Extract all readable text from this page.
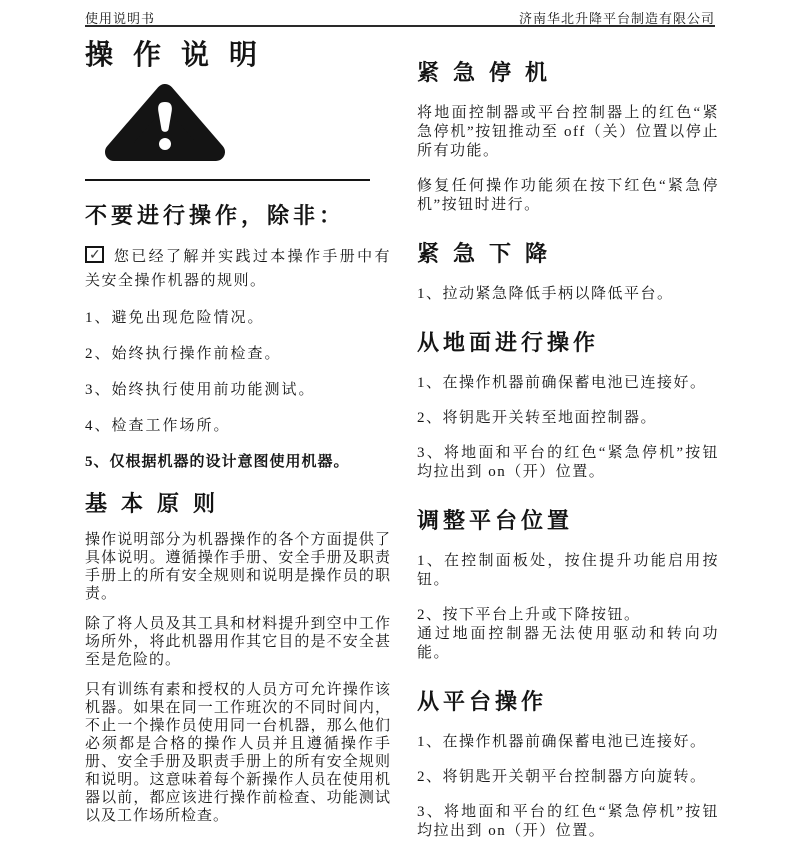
使用说明书	济南华北升降平台制造有限公司
操作说明
不要进行操作，除非：

✓ 您已经了解并实践过本操作手册中有关安全操作机器的规则。

1、避免出现危险情况。

2、始终执行操作前检查。

3、始终执行使用前功能测试。

4、检查工作场所。

5、仅根据机器的设计意图使用机器。

基本原则

操作说明部分为机器操作的各个方面提供了具体说明。遵循操作手册、安全手册及职责手册上的所有安全规则和说明是操作员的职责。

除了将人员及其工具和材料提升到空中工作场所外，将此机器用作其它目的是不安全甚至是危险的。

只有训练有素和授权的人员方可允许操作该机器。如果在同一工作班次的不同时间内，不止一个操作员使用同一台机器，那么他们必须都是合格的操作人员并且遵循操作手册、安全手册及职责手册上的所有安全规则和说明。这意味着每个新操作人员在使用机器以前，都应该进行操作前检查、功能测试以及工作场所检查。

紧急停机

将地面控制器或平台控制器上的红色“紧急停机”按钮推动至 off（关）位置以停止所有功能。

修复任何操作功能须在按下红色“紧急停机”按钮时进行。

紧急下降

1、拉动紧急降低手柄以降低平台。

从地面进行操作

1、在操作机器前确保蓄电池已连接好。

2、将钥匙开关转至地面控制器。

3、将地面和平台的红色“紧急停机”按钮均拉出到 on（开）位置。

调整平台位置

1、在控制面板处，按住提升功能启用按钮。

2、按下平台上升或下降按钮。
通过地面控制器无法使用驱动和转向功能。

从平台操作

1、在操作机器前确保蓄电池已连接好。

2、将钥匙开关朝平台控制器方向旋转。

3、将地面和平台的红色“紧急停机”按钮均拉出到 on（开）位置。
